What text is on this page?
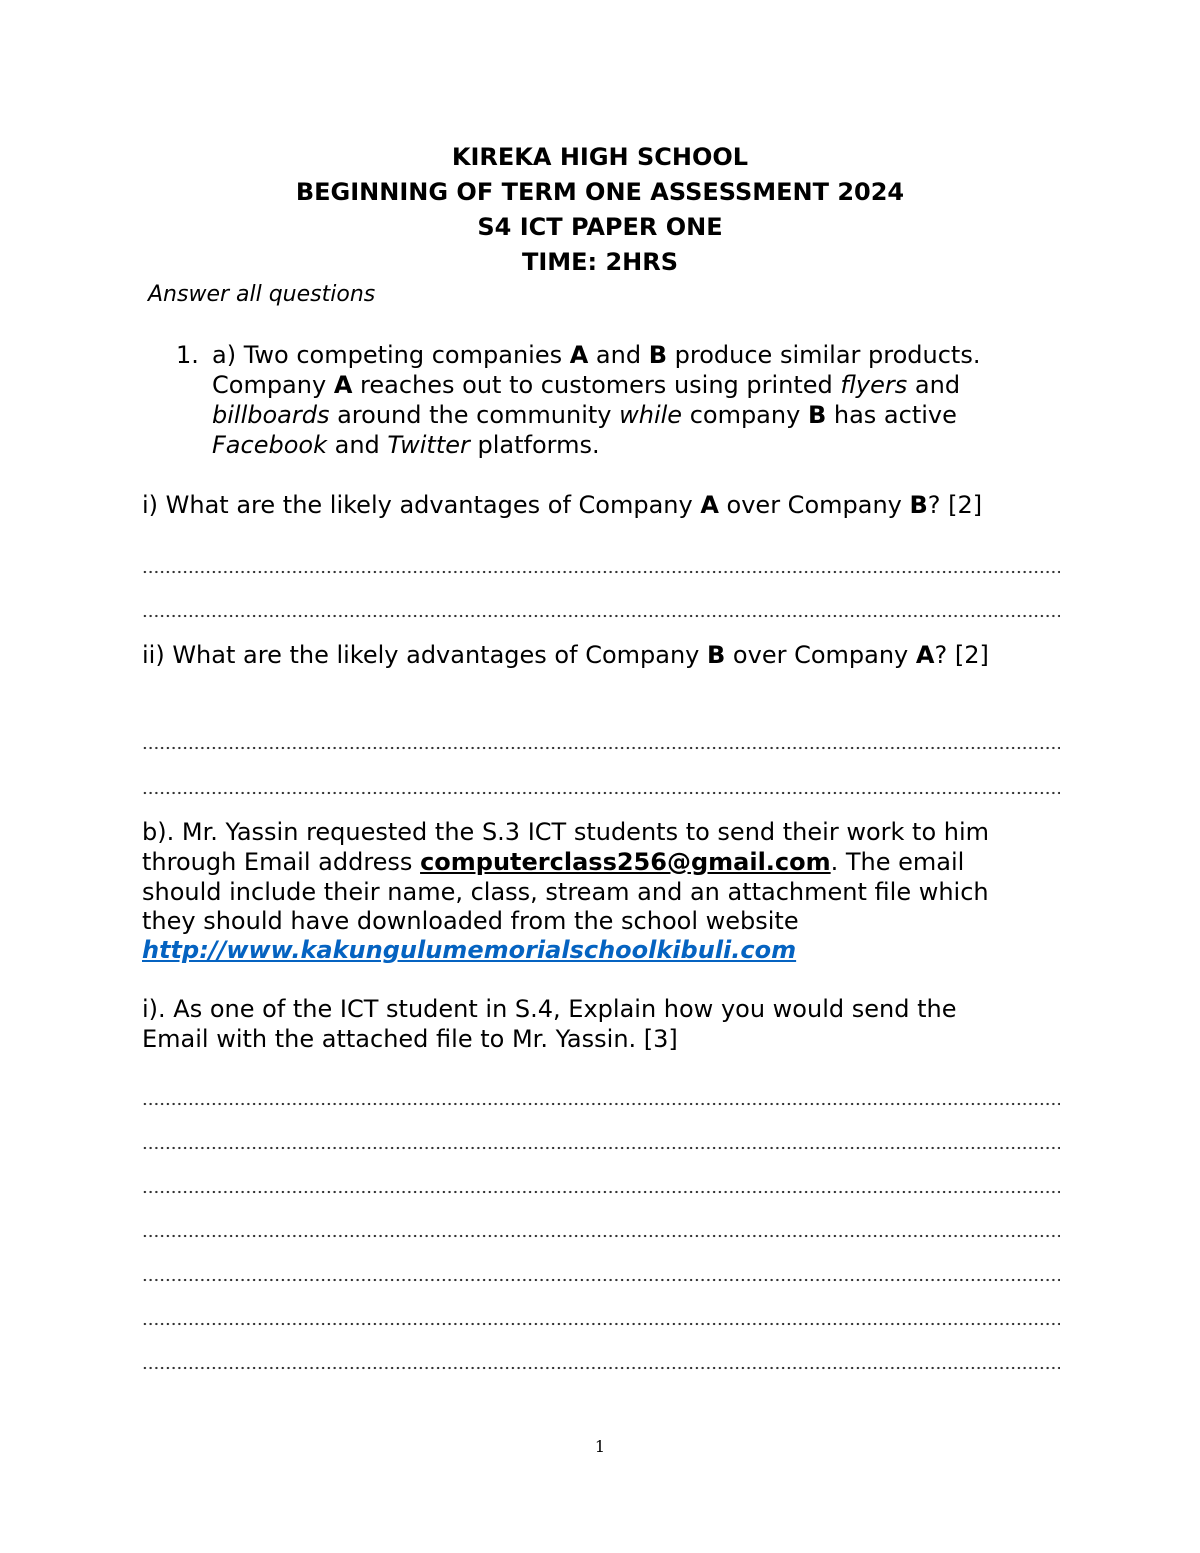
KIREKA HIGH SCHOOL
BEGINNING OF TERM ONE ASSESSMENT 2024
S4 ICT PAPER ONE
TIME: 2HRS
Answer all questions
1. a) Two competing companies A and B produce similar products.
Company A reaches out to customers using printed flyers and
billboards around the community while company B has active
Facebook and Twitter platforms.
i) What are the likely advantages of Company A over Company B? [2]
ii) What are the likely advantages of Company B over Company A? [2]
b). Mr. Yassin requested the S.3 ICT students to send their work to him
through Email address computerclass256@gmail.com. The email
should include their name, class, stream and an attachment file which
they should have downloaded from the school website
http://www.kakungulumemorialschoolkibuli.com
i). As one of the ICT student in S.4, Explain how you would send the
Email with the attached file to Mr. Yassin. [3]
1
